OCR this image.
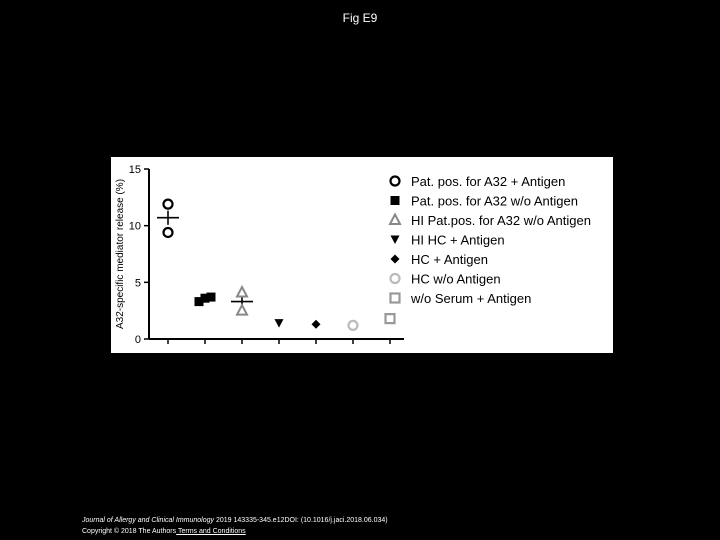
Fig E9
0
5
10
15
A32-specific mediator release (%)	Pat. pos. for A32 + Antigen
Pat. pos. for A32 w/o Antigen
HI Pat.pos. for A32 w/o Antigen
HI HC + Antigen
HC + Antigen
HC w/o Antigen
w/o Serum + Antigen
Journal of Allergy and Clinical Immunology 2019 143335-345.e12DOI: (10.1016/j.jaci.2018.06.034)
Copyright © 2018 The Authors Terms and Conditions
